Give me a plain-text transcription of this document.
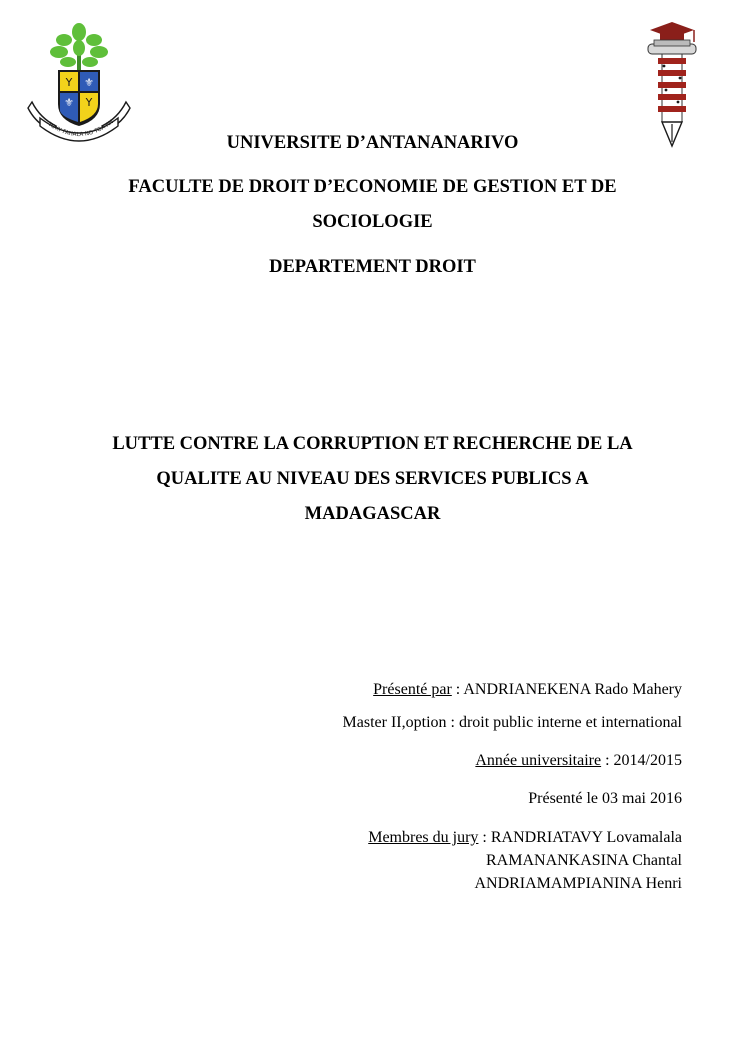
Y ⚜
⚜ Y
TOKY FAHALA NO TOA AN
UNIVERSITE D’ANTANANARIVO
FACULTE DE DROIT D’ECONOMIE DE GESTION ET DE
SOCIOLOGIE
DEPARTEMENT DROIT
LUTTE CONTRE LA CORRUPTION ET RECHERCHE DE LA
QUALITE AU NIVEAU DES SERVICES PUBLICS A
MADAGASCAR
Présenté par : ANDRIANEKENA Rado Mahery
Master II,option : droit public interne et international
Année universitaire : 2014/2015
Présenté le 03 mai 2016
Membres du jury : RANDRIATAVY Lovamalala
RAMANANKASINA Chantal
ANDRIAMAMPIANINA Henri
